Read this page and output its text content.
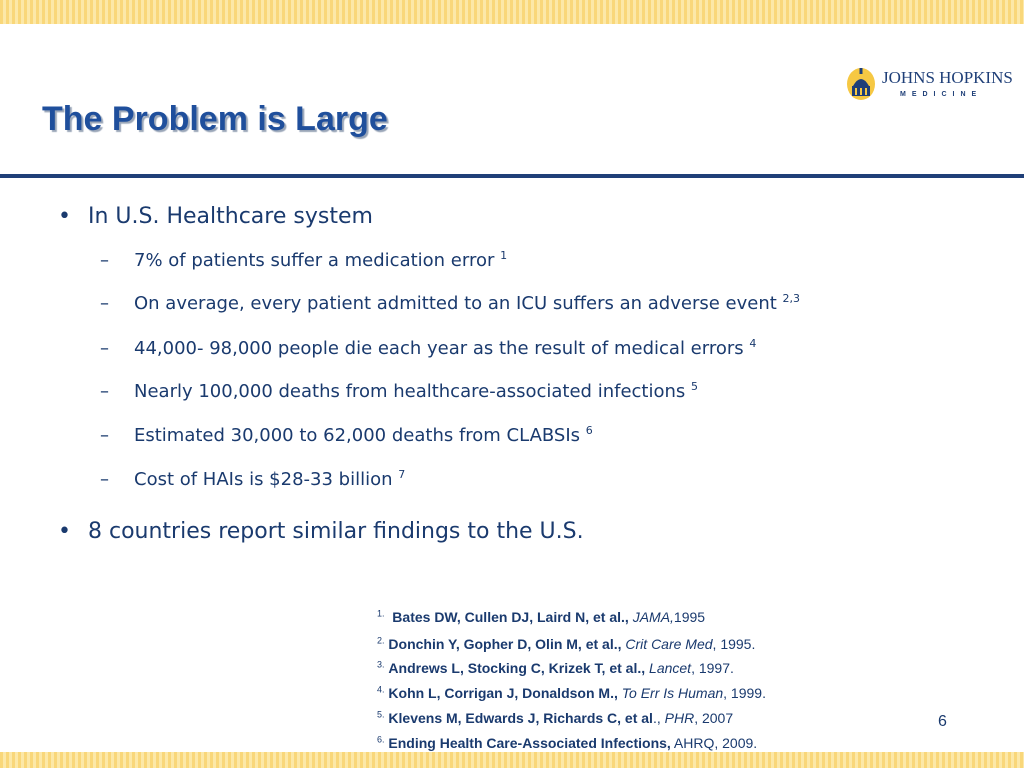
The Problem is Large
JOHNS HOPKINS
MEDICINE
• In U.S. Healthcare system
– 7% of patients suffer a medication error $^1$
– On average, every patient admitted to an ICU suffers an adverse event $^{2,3}$
– 44,000- 98,000 people die each year as the result of medical errors $^4$
– Nearly 100,000 deaths from healthcare-associated infections $^5$
– Estimated 30,000 to 62,000 deaths from CLABSIs $^6$
– Cost of HAIs is $28-33 billion $^7$
• 8 countries report similar findings to the U.S.
$^{1.}$ Bates DW, Cullen DJ, Laird N, et al., JAMA,1995
$^{2.}$ Donchin Y, Gopher D, Olin M, et al., Crit Care Med, 1995.
$^{3.}$ Andrews L, Stocking C, Krizek T, et al., Lancet, 1997.
$^{4.}$ Kohn L, Corrigan J, Donaldson M., To Err Is Human, 1999.
$^{5.}$ Klevens M, Edwards J, Richards C, et al., PHR, 2007
$^{6.}$ Ending Health Care-Associated Infections, AHRQ, 2009.
6
